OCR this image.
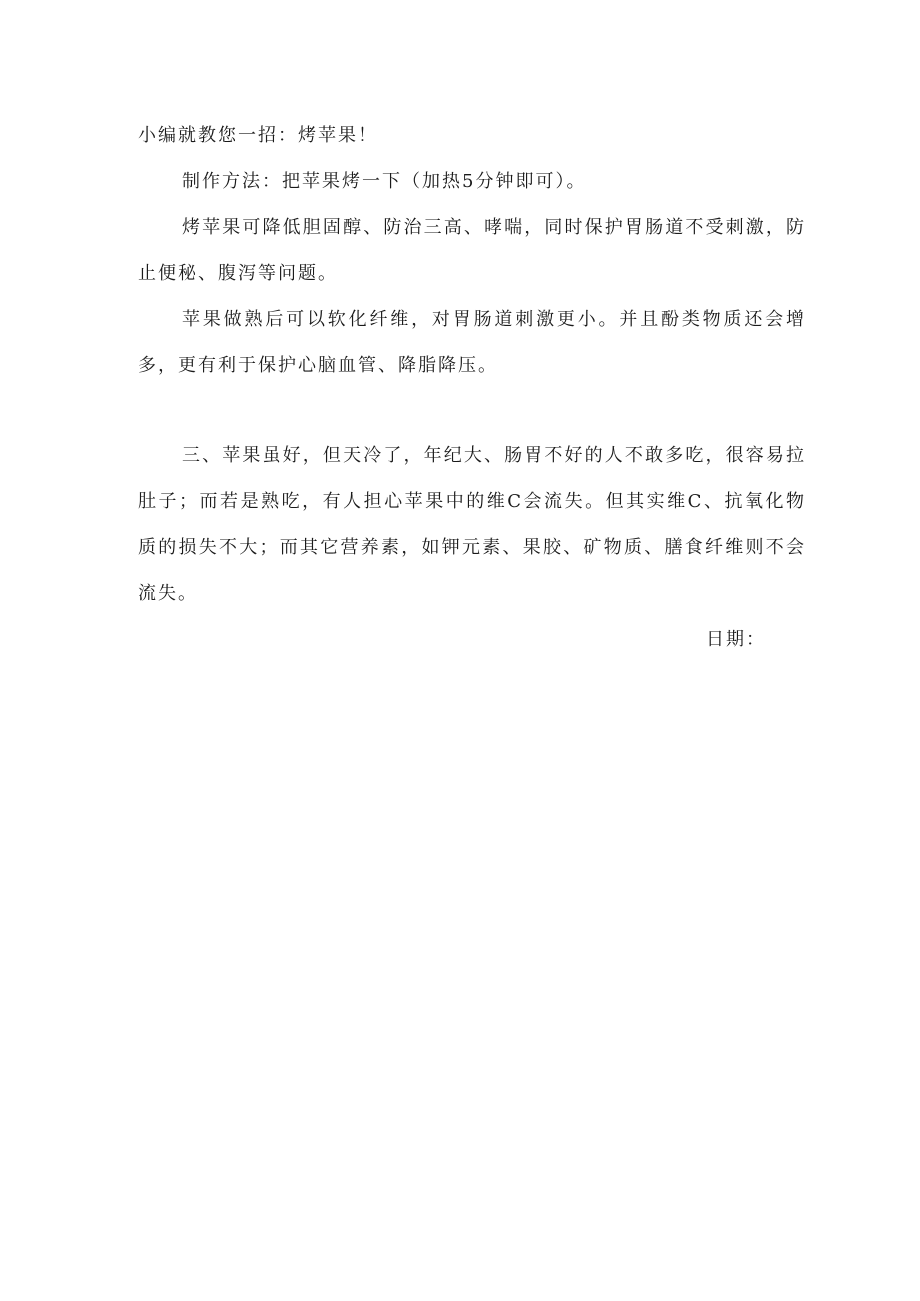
小编就教您一招：烤苹果！

制作方法：把苹果烤一下（加热5分钟即可）。

烤苹果可降低胆固醇、防治三高、哮喘，同时保护胃肠道不受刺激，防止便秘、腹泻等问题。

苹果做熟后可以软化纤维，对胃肠道刺激更小。并且酚类物质还会增多，更有利于保护心脑血管、降脂降压。

三、苹果虽好，但天冷了，年纪大、肠胃不好的人不敢多吃，很容易拉肚子；而若是熟吃，有人担心苹果中的维C会流失。但其实维C、抗氧化物质的损失不大；而其它营养素，如钾元素、果胶、矿物质、膳食纤维则不会流失。

日期：
